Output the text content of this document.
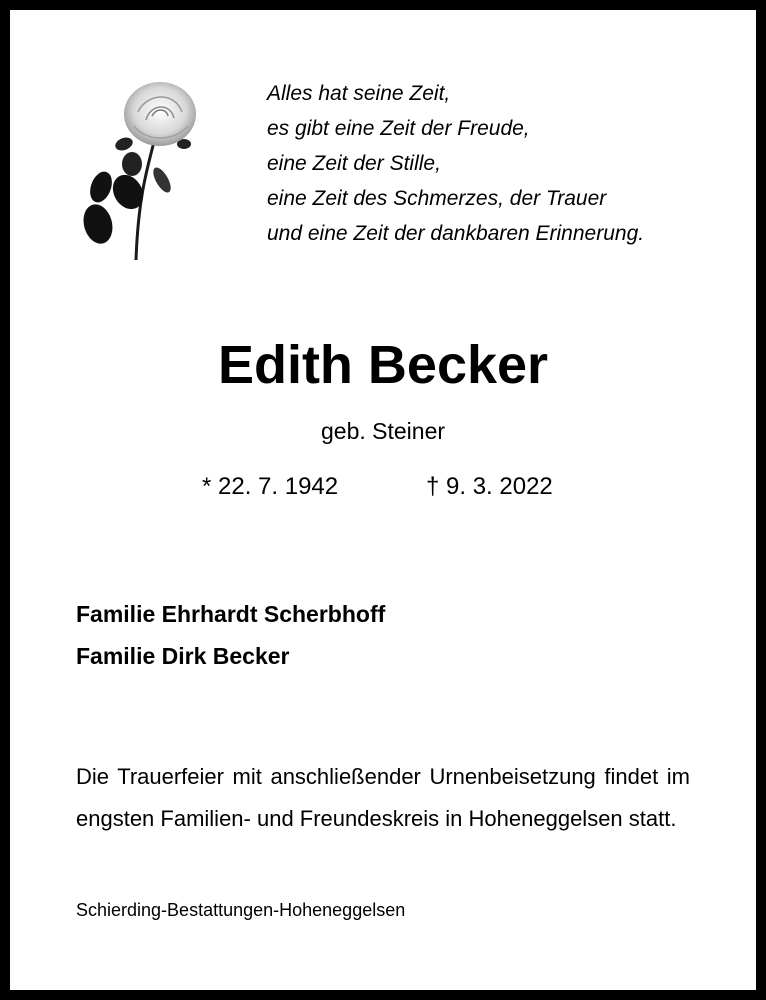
Alles hat seine Zeit,
es gibt eine Zeit der Freude,
eine Zeit der Stille,
eine Zeit des Schmerzes, der Trauer
und eine Zeit der dankbaren Erinnerung.
Edith Becker
geb. Steiner
* 22. 7. 1942	† 9. 3. 2022
Familie Ehrhardt Scherbhoff
Familie Dirk Becker
Die Trauerfeier mit anschließender Urnenbeisetzung findet im engsten Familien- und Freundeskreis in Hoheneggelsen statt.
Schierding-Bestattungen-Hoheneggelsen
